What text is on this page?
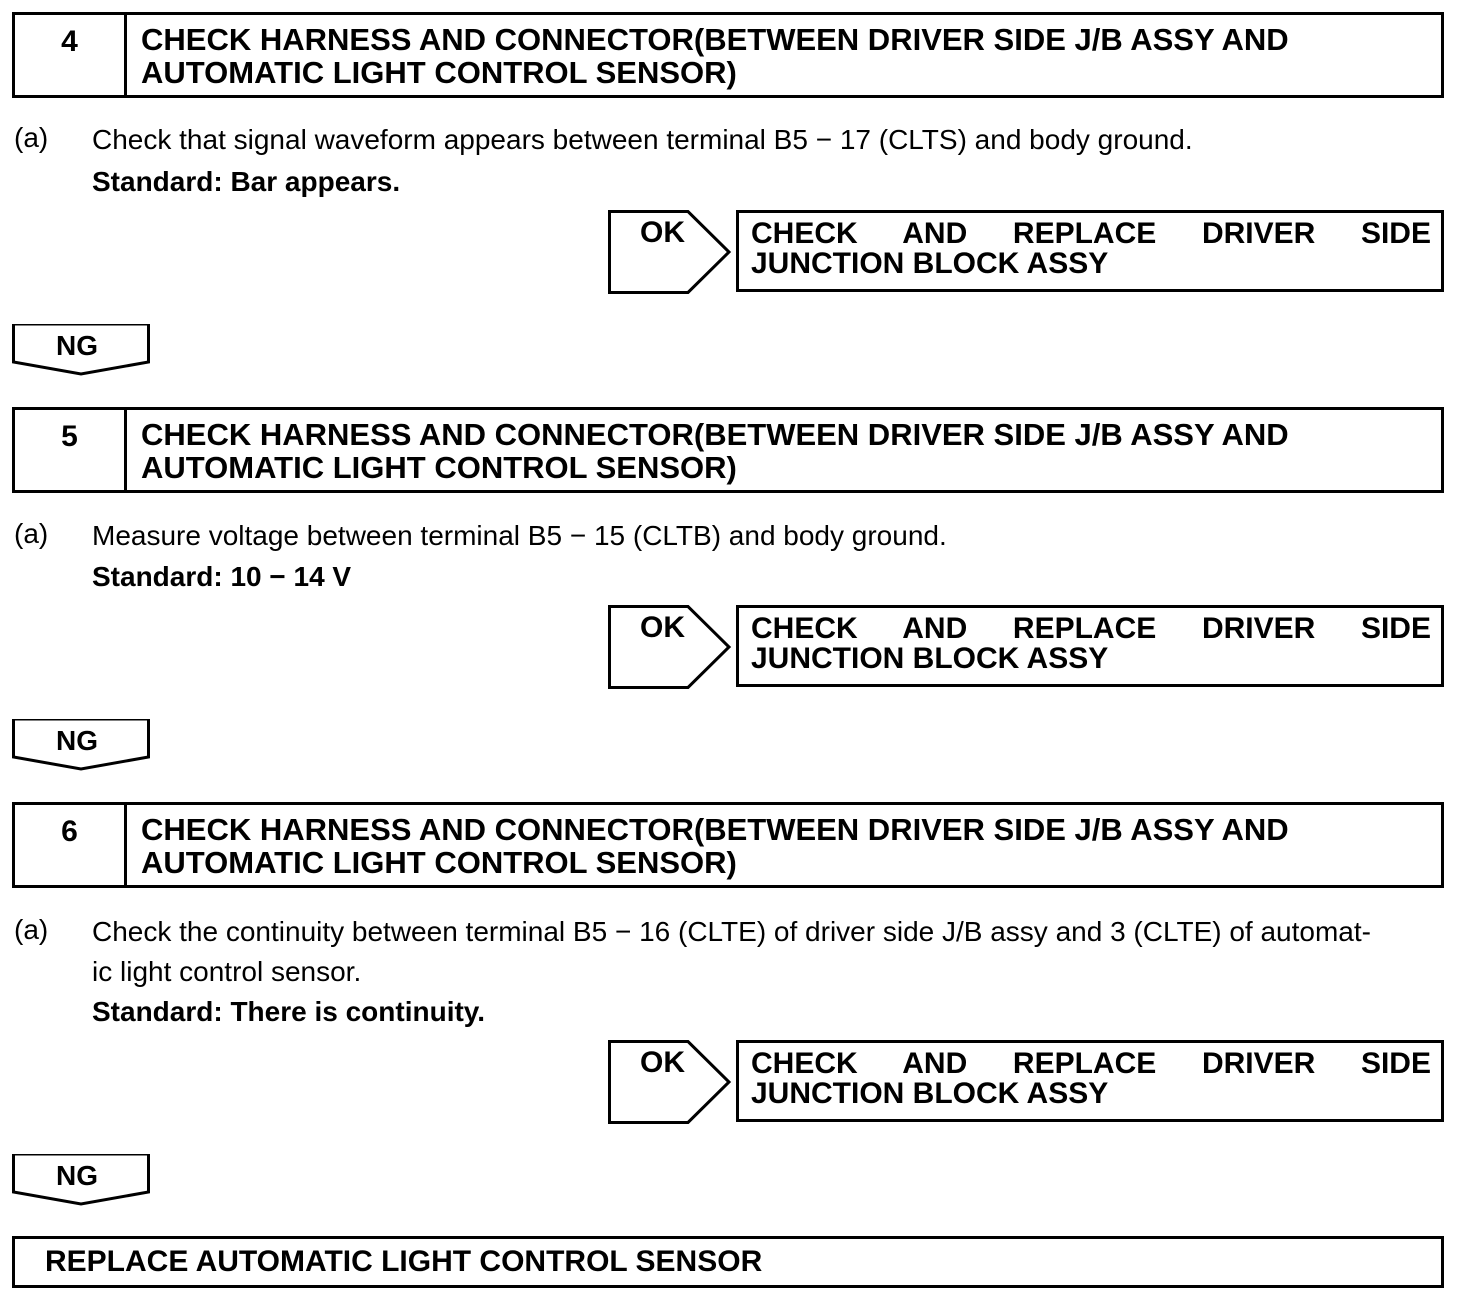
4	CHECK HARNESS AND CONNECTOR(BETWEEN DRIVER SIDE J/B ASSY AND
AUTOMATIC LIGHT CONTROL SENSOR)
(a) Check that signal waveform appears between terminal B5 − 17 (CLTS) and body ground.
Standard: Bar appears.
OK CHECK AND REPLACE DRIVER SIDE
JUNCTION BLOCK ASSY
NG
5	CHECK HARNESS AND CONNECTOR(BETWEEN DRIVER SIDE J/B ASSY AND
AUTOMATIC LIGHT CONTROL SENSOR)
(a) Measure voltage between terminal B5 − 15 (CLTB) and body ground.
Standard: 10 − 14 V
OK CHECK AND REPLACE DRIVER SIDE
JUNCTION BLOCK ASSY
NG
6	CHECK HARNESS AND CONNECTOR(BETWEEN DRIVER SIDE J/B ASSY AND
AUTOMATIC LIGHT CONTROL SENSOR)
(a) Check the continuity between terminal B5 − 16 (CLTE) of driver side J/B assy and 3 (CLTE) of automat-
ic light control sensor.
Standard: There is continuity.
OK CHECK AND REPLACE DRIVER SIDE
JUNCTION BLOCK ASSY
NG
REPLACE AUTOMATIC LIGHT CONTROL SENSOR
